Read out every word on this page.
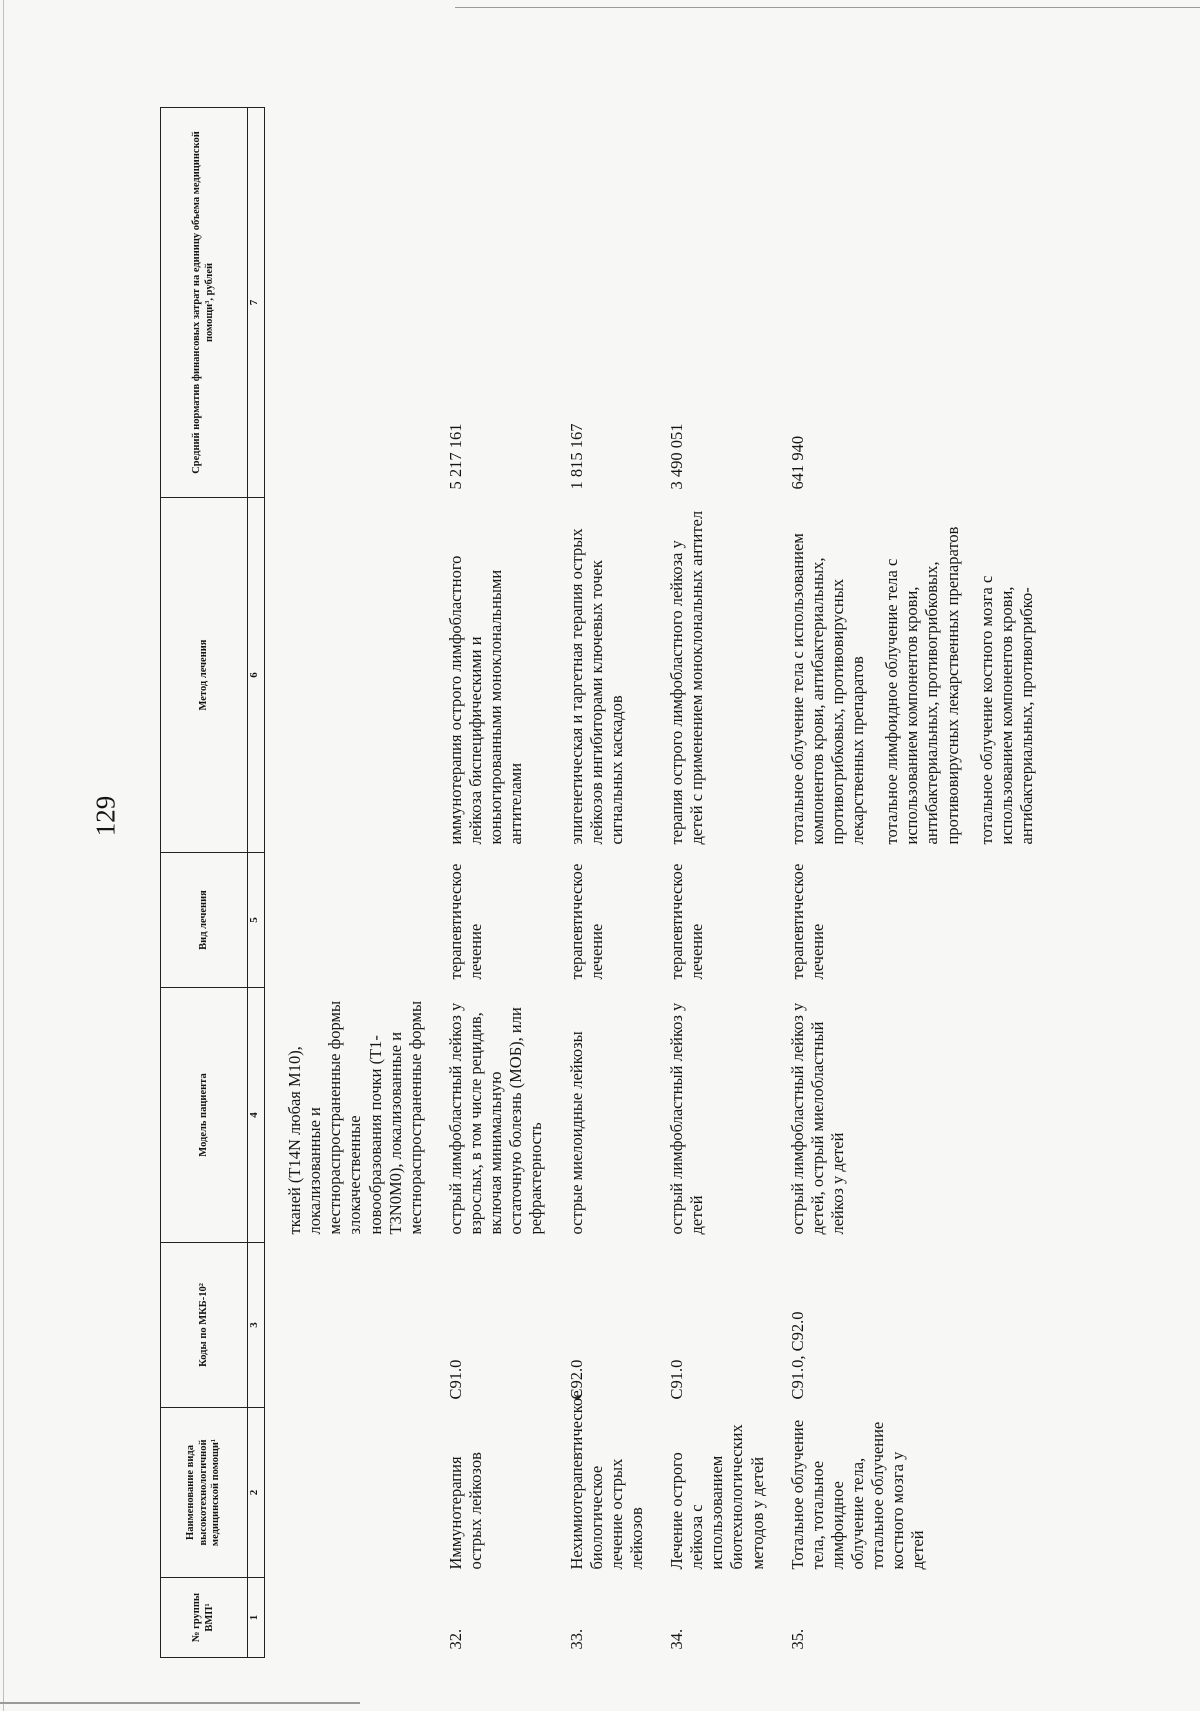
129
№ группы ВМП¹	Наименование вида высокотехнологичной медицинской помощи¹	Коды по МКБ-10²	Модель пациента	Вид лечения	Метод лечения	Средний норматив финансовых затрат на единицу объема медицинской помощи³, рублей
1	2	3	4	5	6	7

			тканей (T14N любая M10), локализованные и местнораспространенные формы злокачественные новообразования почки (T1-T3N0M0), локализованные и местнораспространенные формы			

32.	Иммунотерапия острых лейкозов	C91.0	острый лимфобластный лейкоз у взрослых, в том числе рецидив, включая минимальную остаточную болезнь (МОБ), или рефрактерность	терапевтическое лечение	иммунотерапия острого лимфобластного лейкоза биспецифическими и коньюгированными моноклональными антителами	5 217 161

33.	Нехимиотерапевтическое биологическое лечение острых лейкозов	C92.0	острые миелоидные лейкозы	терапевтическое лечение	эпигенетическая и таргетная терапия острых лейкозов ингибиторами ключевых точек сигнальных каскадов	1 815 167

34.	Лечение острого лейкоза с использованием биотехнологических методов у детей	C91.0	острый лимфобластный лейкоз у детей	терапевтическое лечение	терапия острого лимфобластного лейкоза у детей с применением моноклональных антител	3 490 051

35.	Тотальное облучение тела, тотальное лимфоидное облучение тела, тотальное облучение костного мозга у детей	C91.0, C92.0	острый лимфобластный лейкоз у детей, острый миелобластный лейкоз у детей	терапевтическое лечение	тотальное облучение тела с использованием компонентов крови, антибактериальных, противогрибковых, противовирусных лекарственных препаратов тотальное лимфоидное облучение тела с использованием компонентов крови, антибактериальных, противогрибковых, противовирусных лекарственных препаратов тотальное облучение костного мозга с использованием компонентов крови, антибактериальных, противогрибко-	641 940
